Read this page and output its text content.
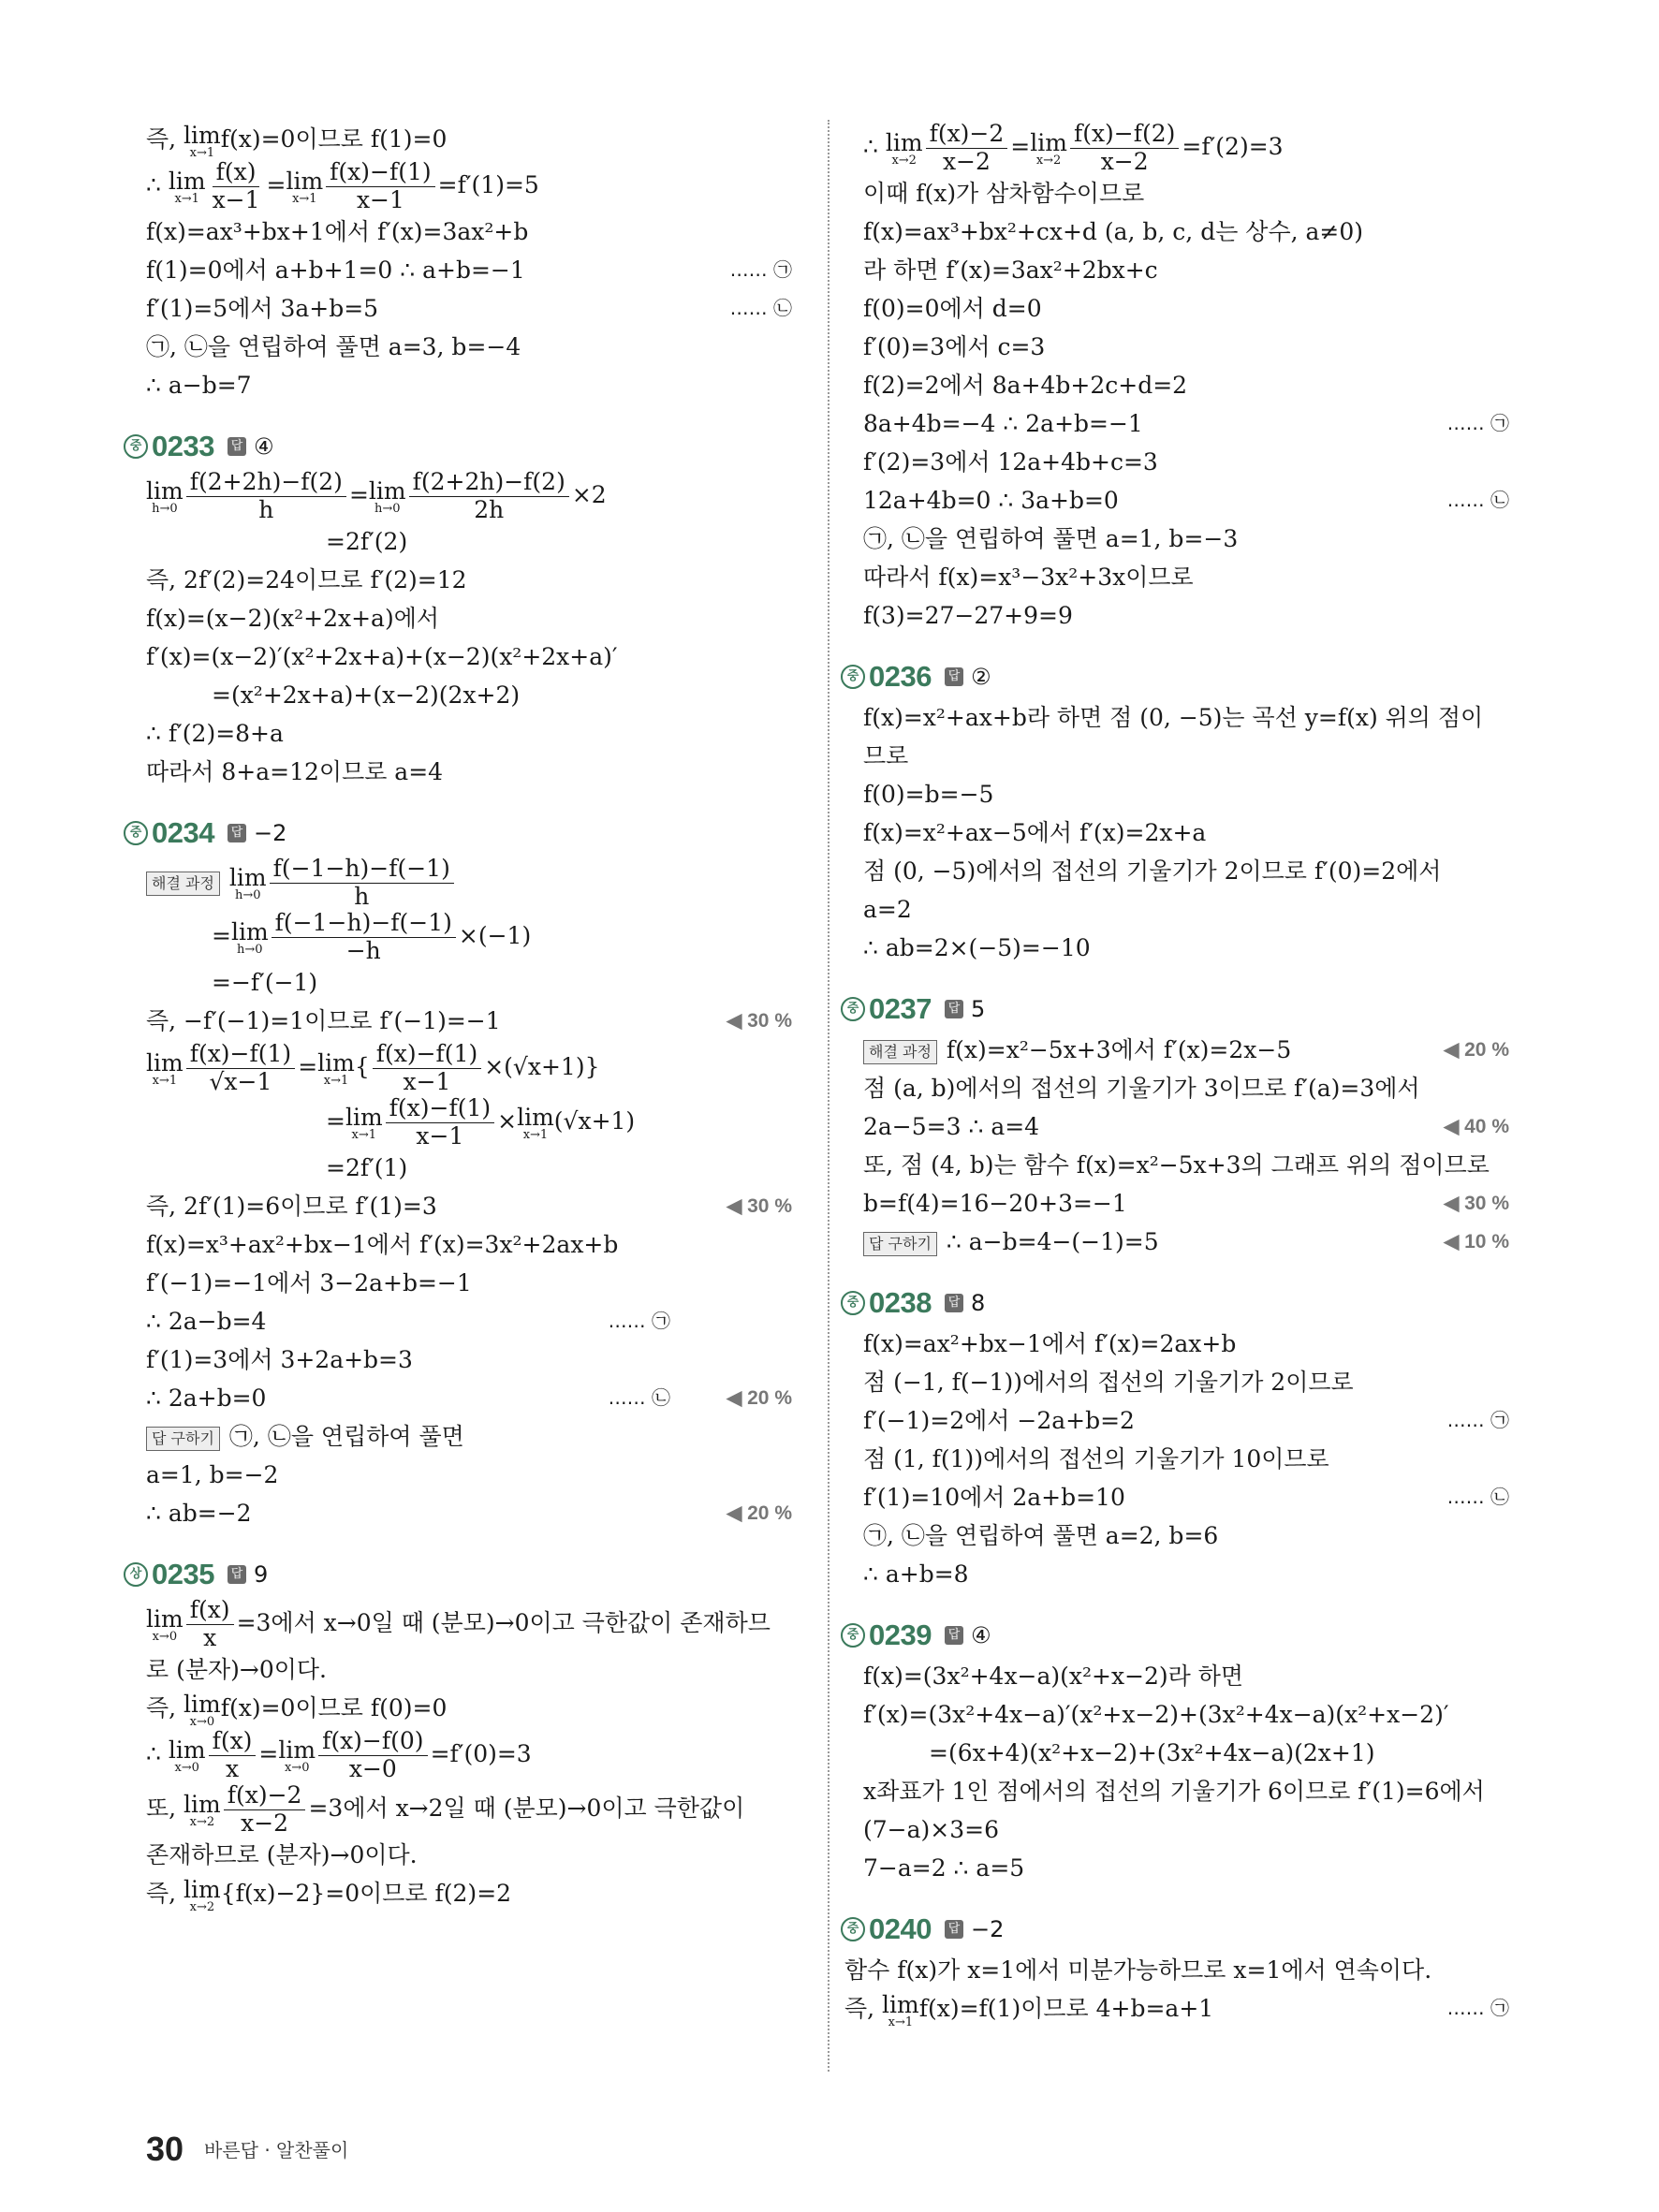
즉, lim
x→1 f(x)=0이므로 f(1)=0
∴ lim
$x\to 1 \frac{f(x)}{x-1} = \lim$
$x\to 1 \frac{f(x)-f(1)}{x-1} =f'(1)=5$
f(x)=ax³+bx+1에서 f′(x)=3ax²+b
f(1)=0에서 a+b+1=0 ∴ a+b=−1	…… ㉠
f′(1)=5에서 3a+b=5	…… ㉡
㉠, ㉡을 연립하여 풀면 a=3, b=−4
∴ a−b=7
중 0233 답 ④
lim
$h\to 0 \frac{f(2+2h)-f(2)}{h} = \lim$
$h\to 0 \frac{f(2+2h)-f(2)}{2h} \times 2$
=2f′(2)
즉, 2f′(2)=24이므로 f′(2)=12
f(x)=(x−2)(x²+2x+a)에서
f′(x)=(x−2)′(x²+2x+a)+(x−2)(x²+2x+a)′
=(x²+2x+a)+(x−2)(2x+2)
∴ f′(2)=8+a
따라서 8+a=12이므로 a=4
중 0234 답 −2
해결 과정 lim
$h\to 0 \frac{f(-1-h)-f(-1)}{h}$
= lim
$h\to 0 \frac{f(-1-h)-f(-1)}{-h} \times(-1)$
=−f′(−1)
즉, −f′(−1)=1이므로 f′(−1)=−1	◀ 30 %
lim
$x\to 1 \frac{f(x)-f(1)}{√x-1} = \lim$
x→1 { $\frac{f(x)-f(1)}{x-1} \times(√x+1)$}
= lim
$x\to 1 \frac{f(x)-f(1)}{x-1} \times \lim$
x→1 (√x+1)
=2f′(1)
즉, 2f′(1)=6이므로 f′(1)=3	◀ 30 %
f(x)=x³+ax²+bx−1에서 f′(x)=3x²+2ax+b
f′(−1)=−1에서 3−2a+b=−1
∴ 2a−b=4	…… ㉠
f′(1)=3에서 3+2a+b=3
∴ 2a+b=0	…… ㉡	◀ 20 %
답 구하기 ㉠, ㉡을 연립하여 풀면
a=1, b=−2
∴ ab=−2	◀ 20 %
상 0235 답 9
lim
$x\to 0 \frac{f(x)}{x} =3$에서 x→0일 때 (분모)→0이고 극한값이 존재하므
로 (분자)→0이다.
즉, lim
x→0 f(x)=0이므로 f(0)=0
∴ lim
$x\to 0 \frac{f(x)}{x} = \lim$
$x\to 0 \frac{f(x)-f(0)}{x-0} =f'(0)=3$
또, lim
$x\to 2 \frac{f(x)-2}{x-2} =3$에서 x→2일 때 (분모)→0이고 극한값이
존재하므로 (분자)→0이다.
즉, lim
x→2 {f(x)−2}=0이므로 f(2)=2
∴ lim
$x\to 2 \frac{f(x)-2}{x-2} = \lim$
$x\to 2 \frac{f(x)-f(2)}{x-2} =f'(2)=3$
이때 f(x)가 삼차함수이므로
f(x)=ax³+bx²+cx+d (a, b, c, d는 상수, a≠0)
라 하면 f′(x)=3ax²+2bx+c
f(0)=0에서 d=0
f′(0)=3에서 c=3
f(2)=2에서 8a+4b+2c+d=2
8a+4b=−4 ∴ 2a+b=−1	…… ㉠
f′(2)=3에서 12a+4b+c=3
12a+4b=0 ∴ 3a+b=0	…… ㉡
㉠, ㉡을 연립하여 풀면 a=1, b=−3
따라서 f(x)=x³−3x²+3x이므로
f(3)=27−27+9=9
중 0236 답 ②
f(x)=x²+ax+b라 하면 점 (0, −5)는 곡선 y=f(x) 위의 점이
므로
f(0)=b=−5
f(x)=x²+ax−5에서 f′(x)=2x+a
점 (0, −5)에서의 접선의 기울기가 2이므로 f′(0)=2에서
a=2
∴ ab=2×(−5)=−10
중 0237 답 5
해결 과정 f(x)=x²−5x+3에서 f′(x)=2x−5	◀ 20 %
점 (a, b)에서의 접선의 기울기가 3이므로 f′(a)=3에서
2a−5=3 ∴ a=4	◀ 40 %
또, 점 (4, b)는 함수 f(x)=x²−5x+3의 그래프 위의 점이므로
b=f(4)=16−20+3=−1	◀ 30 %
답 구하기 ∴ a−b=4−(−1)=5	◀ 10 %
중 0238 답 8
f(x)=ax²+bx−1에서 f′(x)=2ax+b
점 (−1, f(−1))에서의 접선의 기울기가 2이므로
f′(−1)=2에서 −2a+b=2	…… ㉠
점 (1, f(1))에서의 접선의 기울기가 10이므로
f′(1)=10에서 2a+b=10	…… ㉡
㉠, ㉡을 연립하여 풀면 a=2, b=6
∴ a+b=8
중 0239 답 ④
f(x)=(3x²+4x−a)(x²+x−2)라 하면
f′(x)=(3x²+4x−a)′(x²+x−2)+(3x²+4x−a)(x²+x−2)′
=(6x+4)(x²+x−2)+(3x²+4x−a)(2x+1)
x좌표가 1인 점에서의 접선의 기울기가 6이므로 f′(1)=6에서
(7−a)×3=6
7−a=2 ∴ a=5
중 0240 답 −2
함수 f(x)가 x=1에서 미분가능하므로 x=1에서 연속이다.
즉, lim
x→1 f(x)=f(1)이므로 4+b=a+1	…… ㉠
30 바른답 · 알찬풀이
